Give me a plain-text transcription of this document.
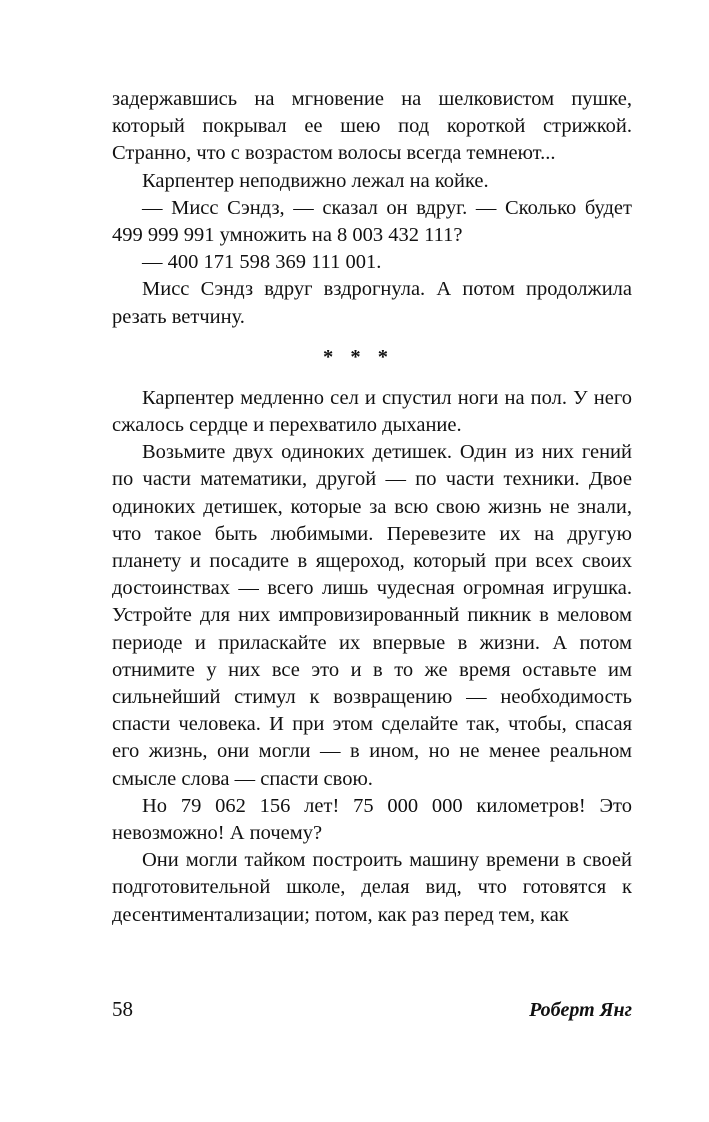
задержавшись на мгновение на шелковистом пушке, который покрывал ее шею под короткой стрижкой. Странно, что с возрастом волосы всегда темнеют...

Карпентер неподвижно лежал на койке.

— Мисс Сэндз, — сказал он вдруг. — Сколько будет 499 999 991 умножить на 8 003 432 111?

— 400 171 598 369 111 001.

Мисс Сэндз вдруг вздрогнула. А потом продолжила резать ветчину.

* * *

Карпентер медленно сел и спустил ноги на пол. У него сжалось сердце и перехватило дыхание.

Возьмите двух одиноких детишек. Один из них гений по части математики, другой — по части техники. Двое одиноких детишек, которые за всю свою жизнь не знали, что такое быть любимыми. Перевезите их на другую планету и посадите в ящероход, который при всех своих достоинствах — всего лишь чудесная огромная игрушка. Устройте для них импровизированный пикник в меловом периоде и приласкайте их впервые в жизни. А потом отнимите у них все это и в то же время оставьте им сильнейший стимул к возвращению — необходимость спасти человека. И при этом сделайте так, чтобы, спасая его жизнь, они могли — в ином, но не менее реальном смысле слова — спасти свою.

Но 79 062 156 лет! 75 000 000 километров! Это невозможно! А почему?

Они могли тайком построить машину времени в своей подготовительной школе, делая вид, что готовятся к десентиментализации; потом, как раз перед тем, как

58	Роберт Янг
